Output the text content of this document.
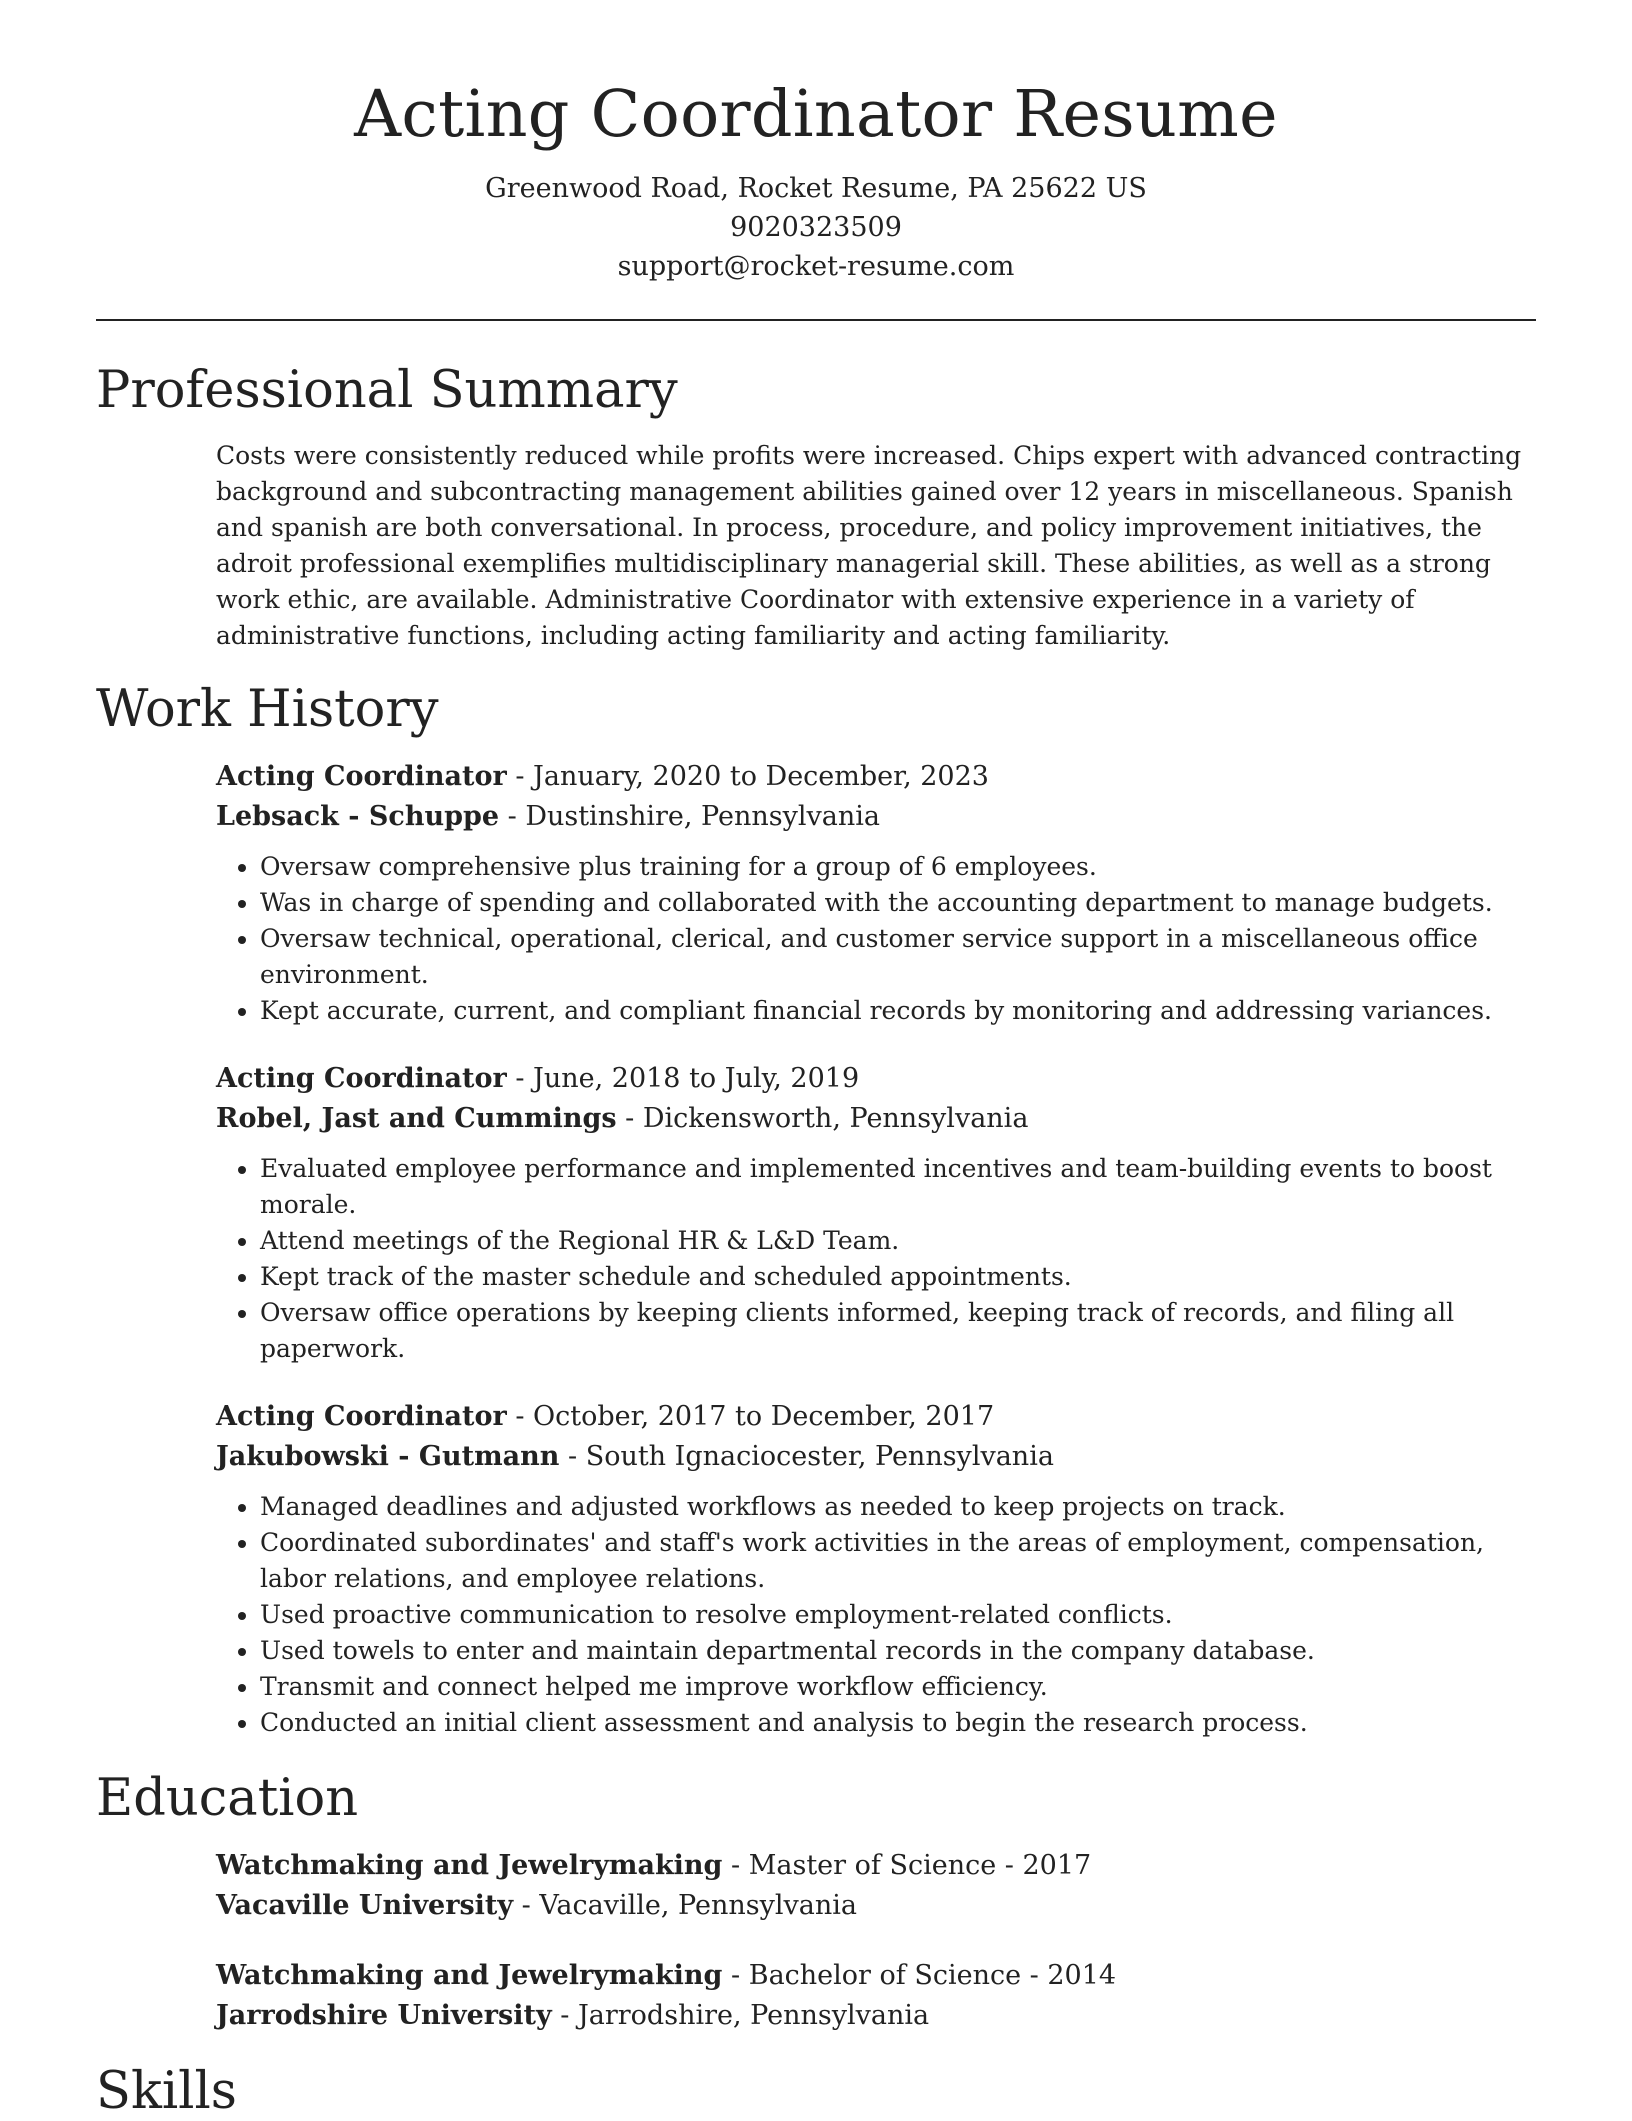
Acting Coordinator Resume
Greenwood Road, Rocket Resume, PA 25622 US
9020323509
support@rocket-resume.com
Professional Summary

Costs were consistently reduced while profits were increased. Chips expert with advanced contracting background and subcontracting management abilities gained over 12 years in miscellaneous. Spanish and spanish are both conversational. In process, procedure, and policy improvement initiatives, the adroit professional exemplifies multidisciplinary managerial skill. These abilities, as well as a strong work ethic, are available. Administrative Coordinator with extensive experience in a variety of administrative functions, including acting familiarity and acting familiarity.

Work History
Acting Coordinator - January, 2020 to December, 2023
Lebsack - Schuppe - Dustinshire, Pennsylvania
• Oversaw comprehensive plus training for a group of 6 employees.
• Was in charge of spending and collaborated with the accounting department to manage budgets.
• Oversaw technical, operational, clerical, and customer service support in a miscellaneous office environment.
• Kept accurate, current, and compliant financial records by monitoring and addressing variances.
Acting Coordinator - June, 2018 to July, 2019
Robel, Jast and Cummings - Dickensworth, Pennsylvania
• Evaluated employee performance and implemented incentives and team-building events to boost morale.
• Attend meetings of the Regional HR & L&D Team.
• Kept track of the master schedule and scheduled appointments.
• Oversaw office operations by keeping clients informed, keeping track of records, and filing all paperwork.
Acting Coordinator - October, 2017 to December, 2017
Jakubowski - Gutmann - South Ignaciocester, Pennsylvania
• Managed deadlines and adjusted workflows as needed to keep projects on track.
• Coordinated subordinates' and staff's work activities in the areas of employment, compensation, labor relations, and employee relations.
• Used proactive communication to resolve employment-related conflicts.
• Used towels to enter and maintain departmental records in the company database.
• Transmit and connect helped me improve workflow efficiency.
• Conducted an initial client assessment and analysis to begin the research process.
Education
Watchmaking and Jewelrymaking - Master of Science - 2017
Vacaville University - Vacaville, Pennsylvania
Watchmaking and Jewelrymaking - Bachelor of Science - 2014
Jarrodshire University - Jarrodshire, Pennsylvania
Skills
